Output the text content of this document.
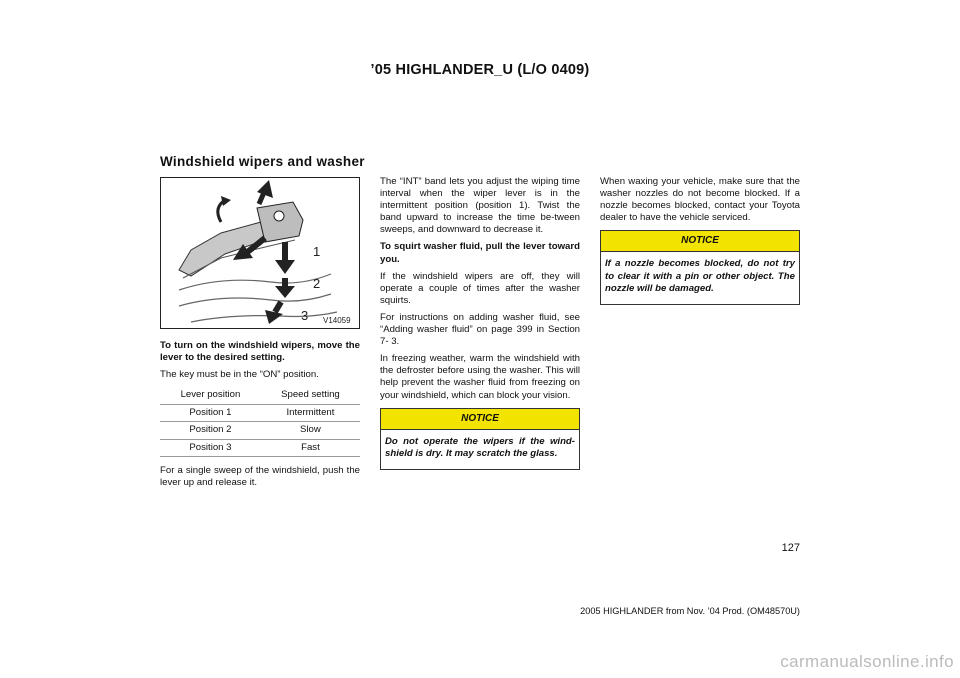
’05 HIGHLANDER_U (L/O 0409)
Windshield wipers and washer
1
2
3 V14059

To turn on the windshield wipers, move the lever to the desired setting.

The key must be in the “ON” position.

Lever position	Speed setting
Position 1	Intermittent
Position 2	Slow
Position 3	Fast

For a single sweep of the windshield, push the lever up and release it.

The “INT” band lets you adjust the wiping time interval when the wiper lever is in the intermittent position (position 1). Twist the band upward to increase the time be-tween sweeps, and downward to decrease it.

To squirt washer fluid, pull the lever toward you.

If the windshield wipers are off, they will operate a couple of times after the washer squirts.

For instructions on adding washer fluid, see “Adding washer fluid” on page 399 in Section 7- 3.

In freezing weather, warm the windshield with the defroster before using the washer. This will help prevent the washer fluid from freezing on your windshield, which can block your vision.

NOTICE
Do not operate the wipers if the wind-shield is dry. It may scratch the glass.

When waxing your vehicle, make sure that the washer nozzles do not become blocked. If a nozzle becomes blocked, contact your Toyota dealer to have the vehicle serviced.

NOTICE
If a nozzle becomes blocked, do not try to clear it with a pin or other object. The nozzle will be damaged.
127
2005 HIGHLANDER from Nov. ’04 Prod. (OM48570U)
carmanualsonline.info
